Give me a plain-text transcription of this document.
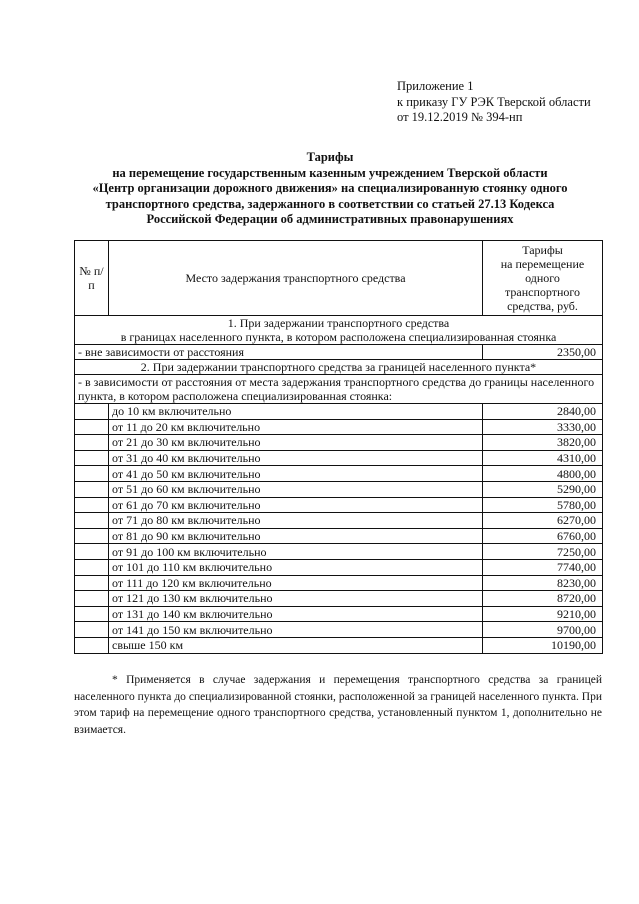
Приложение 1
к приказу ГУ РЭК Тверской области
от 19.12.2019 № 394-нп
Тарифы
на перемещение государственным казенным учреждением Тверской области
«Центр организации дорожного движения» на специализированную стоянку одного
транспортного средства, задержанного в соответствии со статьей 27.13 Кодекса
Российской Федерации об административных правонарушениях
№ п/п	Место задержания транспортного средства	Тарифы
на перемещение
одного
транспортного
средства, руб.

1. При задержании транспортного средства
в границах населенного пункта, в котором расположена специализированная стоянка		

- вне зависимости от расстояния		2350,00
2. При задержании транспортного средства за границей населенного пункта*		
- в зависимости от расстояния от места задержания транспортного средства до границы населенного пункта, в котором расположена специализированная стоянка:		
	до 10 км включительно	2840,00
	от 11 до 20 км включительно	3330,00
	от 21 до 30 км включительно	3820,00
	от 31 до 40 км включительно	4310,00
	от 41 до 50 км включительно	4800,00
	от 51 до 60 км включительно	5290,00
	от 61 до 70 км включительно	5780,00
	от 71 до 80 км включительно	6270,00
	от 81 до 90 км включительно	6760,00
	от 91 до 100 км включительно	7250,00
	от 101 до 110 км включительно	7740,00
	от 111 до 120 км включительно	8230,00
	от 121 до 130 км включительно	8720,00
	от 131 до 140 км включительно	9210,00
	от 141 до 150 км включительно	9700,00
	свыше 150 км	10190,00

* Применяется в случае задержания и перемещения транспортного средства за границей населенного пункта до специализированной стоянки, расположенной за границей населенного пункта. При этом тариф на перемещение одного транспортного средства, установленный пунктом 1, дополнительно не взимается.
